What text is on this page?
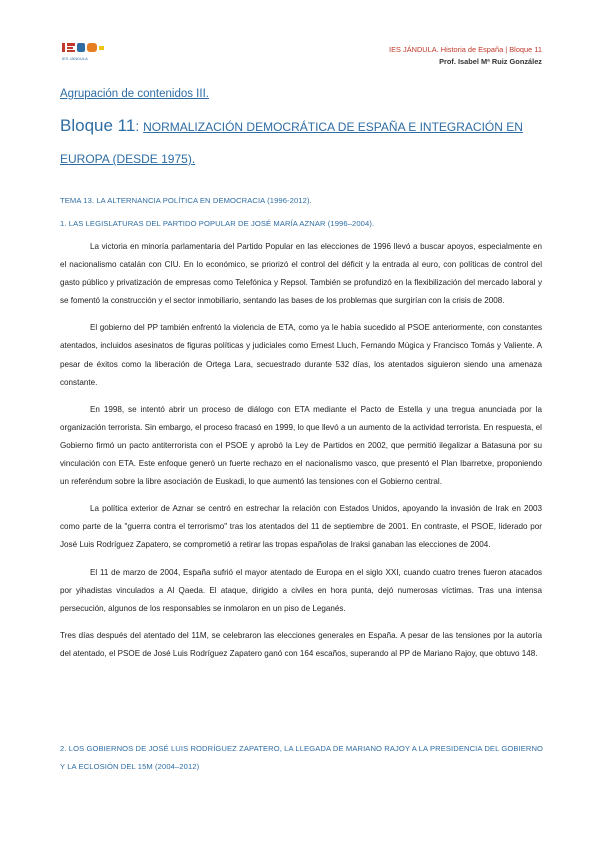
IES JÁNDULA
IES JÁNDULA. Historia de España | Bloque 11
Prof. Isabel Mª Ruiz González
Agrupación de contenidos III.
Bloque 11: NORMALIZACIÓN DEMOCRÁTICA DE ESPAÑA E INTEGRACIÓN EN EUROPA (DESDE 1975).
TEMA 13. LA ALTERNANCIA POLÍTICA EN DEMOCRACIA (1996-2012).
1. LAS LEGISLATURAS DEL PARTIDO POPULAR DE JOSÉ MARÍA AZNAR (1996–2004).

La victoria en minoría parlamentaria del Partido Popular en las elecciones de 1996 llevó a buscar apoyos, especialmente en el nacionalismo catalán con CIU. En lo económico, se priorizó el control del déficit y la entrada al euro, con políticas de control del gasto público y privatización de empresas como Telefónica y Repsol. También se profundizó en la flexibilización del mercado laboral y se fomentó la construcción y el sector inmobiliario, sentando las bases de los problemas que surgirían con la crisis de 2008.

El gobierno del PP también enfrentó la violencia de ETA, como ya le había sucedido al PSOE anteriormente, con constantes atentados, incluidos asesinatos de figuras políticas y judiciales como Ernest Lluch, Fernando Múgica y Francisco Tomás y Valiente. A pesar de éxitos como la liberación de Ortega Lara, secuestrado durante 532 días, los atentados siguieron siendo una amenaza constante.

En 1998, se intentó abrir un proceso de diálogo con ETA mediante el Pacto de Estella y una tregua anunciada por la organización terrorista. Sin embargo, el proceso fracasó en 1999, lo que llevó a un aumento de la actividad terrorista. En respuesta, el Gobierno firmó un pacto antiterrorista con el PSOE y aprobó la Ley de Partidos en 2002, que permitió ilegalizar a Batasuna por su vinculación con ETA. Este enfoque generó un fuerte rechazo en el nacionalismo vasco, que presentó el Plan Ibarretxe, proponiendo un referéndum sobre la libre asociación de Euskadi, lo que aumentó las tensiones con el Gobierno central.

La política exterior de Aznar se centró en estrechar la relación con Estados Unidos, apoyando la invasión de Irak en 2003 como parte de la "guerra contra el terrorismo" tras los atentados del 11 de septiembre de 2001. En contraste, el PSOE, liderado por José Luis Rodríguez Zapatero, se comprometió a retirar las tropas españolas de Iraksi ganaban las elecciones de 2004.

El 11 de marzo de 2004, España sufrió el mayor atentado de Europa en el siglo XXI, cuando cuatro trenes fueron atacados por yihadistas vinculados a Al Qaeda. El ataque, dirigido a civiles en hora punta, dejó numerosas víctimas. Tras una intensa persecución, algunos de los responsables se inmolaron en un piso de Leganés.

Tres días después del atentado del 11M, se celebraron las elecciones generales en España. A pesar de las tensiones por la autoría del atentado, el PSOE de José Luis Rodríguez Zapatero ganó con 164 escaños, superando al PP de Mariano Rajoy, que obtuvo 148.

2. LOS GOBIERNOS DE JOSÉ LUIS RODRÍGUEZ ZAPATERO, LA LLEGADA DE MARIANO RAJOY A LA PRESIDENCIA DEL GOBIERNO Y LA ECLOSIÓN DEL 15M (2004–2012)
